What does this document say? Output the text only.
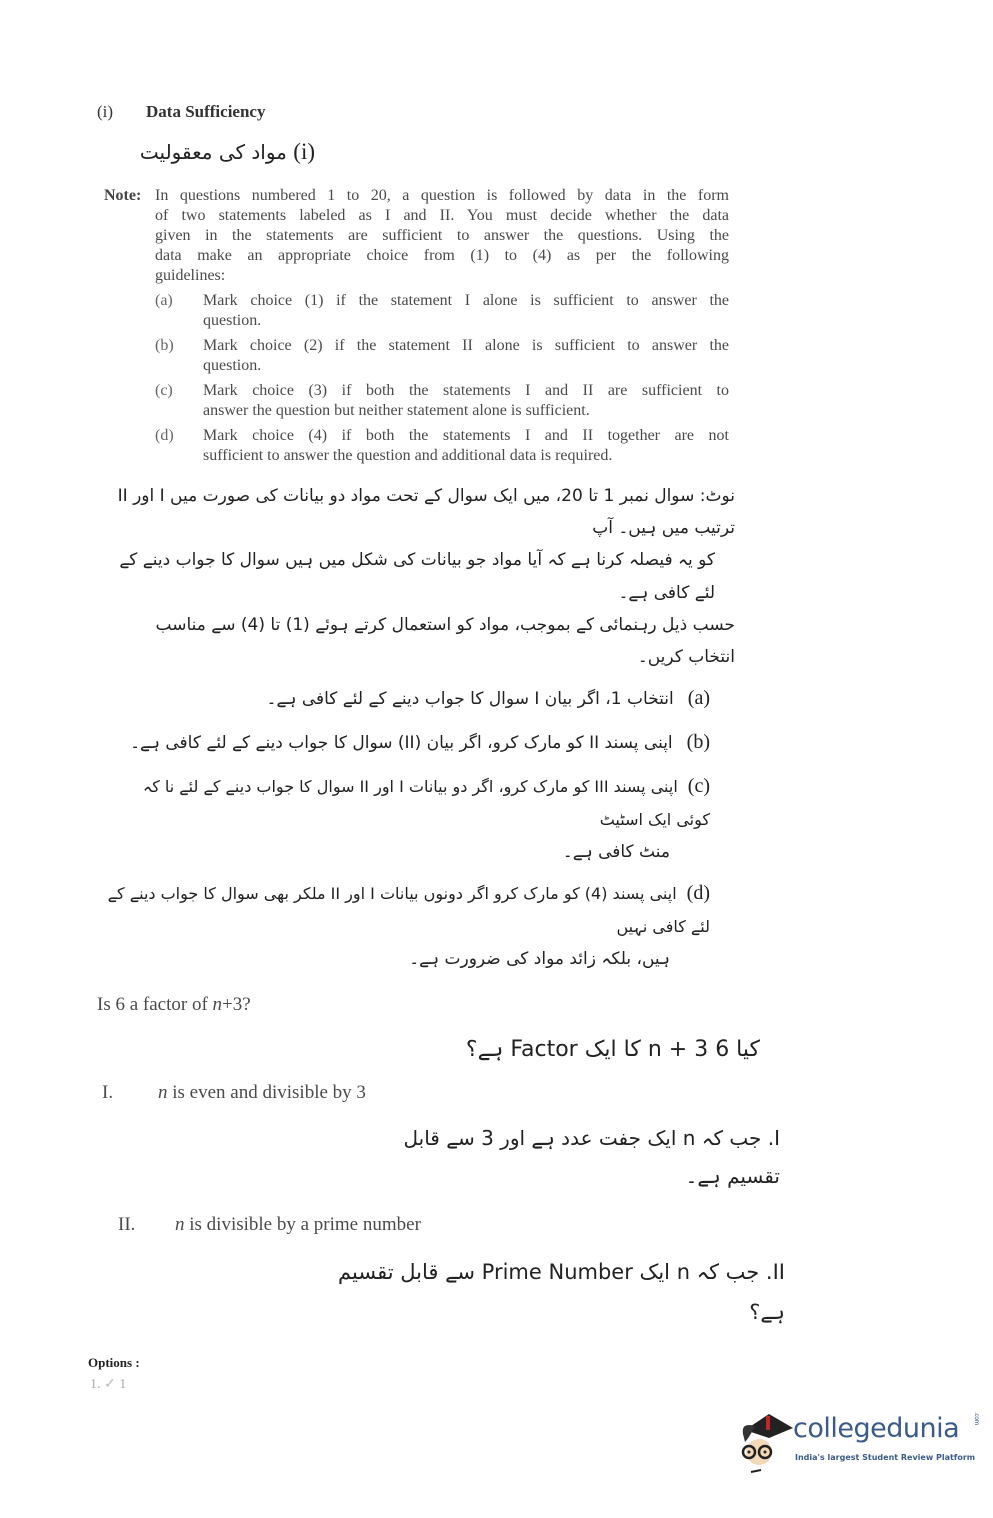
(i)	Data Sufficiency
(i) مواد کی معقولیت
Note: In questions numbered 1 to 20, a question is followed by data in the form
of two statements labeled as I and II. You must decide whether the data
given in the statements are sufficient to answer the questions. Using the
data make an appropriate choice from (1) to (4) as per the following
guidelines:
(a)	Mark choice (1) if the statement I alone is sufficient to answer the
question.
(b)	Mark choice (2) if the statement II alone is sufficient to answer the
question.
(c)	Mark choice (3) if both the statements I and II are sufficient to
answer the question but neither statement alone is sufficient.
(d)	Mark choice (4) if both the statements I and II together are not
sufficient to answer the question and additional data is required.
نوٹ: سوال نمبر 1 تا 20، میں ایک سوال کے تحت مواد دو بیانات کی صورت میں I اور II ترتیب میں ہیں۔ آپ
کو یہ فیصلہ کرنا ہے کہ آیا مواد جو بیانات کی شکل میں ہیں سوال کا جواب دینے کے لئے کافی ہے۔
حسب ذیل رہنمائی کے بموجب، مواد کو استعمال کرتے ہوئے (1) تا (4) سے مناسب انتخاب کریں۔
(a)انتخاب 1، اگر بیان I سوال کا جواب دینے کے لئے کافی ہے۔
(b)اپنی پسند II کو مارک کرو، اگر بیان (II) سوال کا جواب دینے کے لئے کافی ہے۔
(c)اپنی پسند III کو مارک کرو، اگر دو بیانات I اور II سوال کا جواب دینے کے لئے نا کہ کوئی ایک اسٹیٹ
منٹ کافی ہے۔
(d)اپنی پسند (4) کو مارک کرو اگر دونوں بیانات I اور II ملکر بھی سوال کا جواب دینے کے لئے کافی نہیں
ہیں، بلکہ زائد مواد کی ضرورت ہے۔
Is 6 a factor of n+3?
کیا 6 3 + n کا ایک Factor ہے؟
I.	n is even and divisible by 3
I. جب کہ n ایک جفت عدد ہے اور 3 سے قابل تقسیم ہے۔
II.	n is divisible by a prime number
II. جب کہ n ایک Prime Number سے قابل تقسیم ہے؟
Options :
1. ✓ 1
collegedunia .com
India's largest Student Review Platform
